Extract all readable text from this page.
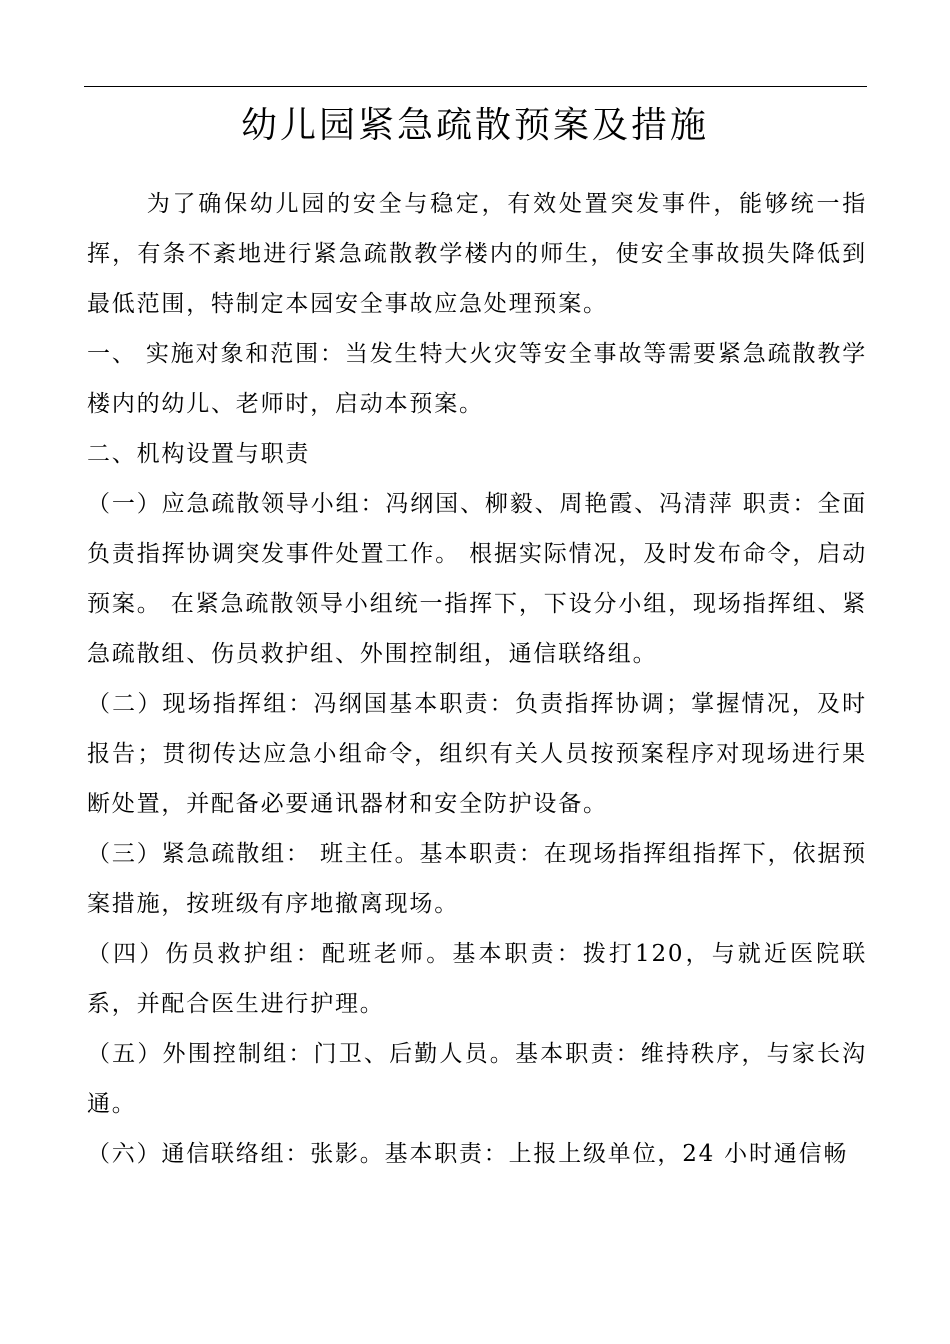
幼儿园紧急疏散预案及措施

为了确保幼儿园的安全与稳定，有效处置突发事件，能够统一指挥，有条不紊地进行紧急疏散教学楼内的师生，使安全事故损失降低到最低范围，特制定本园安全事故应急处理预案。

一、 实施对象和范围：当发生特大火灾等安全事故等需要紧急疏散教学楼内的幼儿、老师时，启动本预案。

二、机构设置与职责

（一）应急疏散领导小组：冯纲国、柳毅、周艳霞、冯清萍 职责：全面负责指挥协调突发事件处置工作。 根据实际情况，及时发布命令，启动预案。 在紧急疏散领导小组统一指挥下，下设分小组，现场指挥组、紧急疏散组、伤员救护组、外围控制组，通信联络组。

（二）现场指挥组：冯纲国基本职责：负责指挥协调；掌握情况，及时报告；贯彻传达应急小组命令，组织有关人员按预案程序对现场进行果断处置，并配备必要通讯器材和安全防护设备。

（三）紧急疏散组： 班主任。基本职责：在现场指挥组指挥下，依据预案措施，按班级有序地撤离现场。

（四）伤员救护组：配班老师。基本职责：拨打120，与就近医院联系，并配合医生进行护理。

（五）外围控制组：门卫、后勤人员。基本职责：维持秩序，与家长沟通。

（六）通信联络组：张影。基本职责：上报上级单位，24 小时通信畅
